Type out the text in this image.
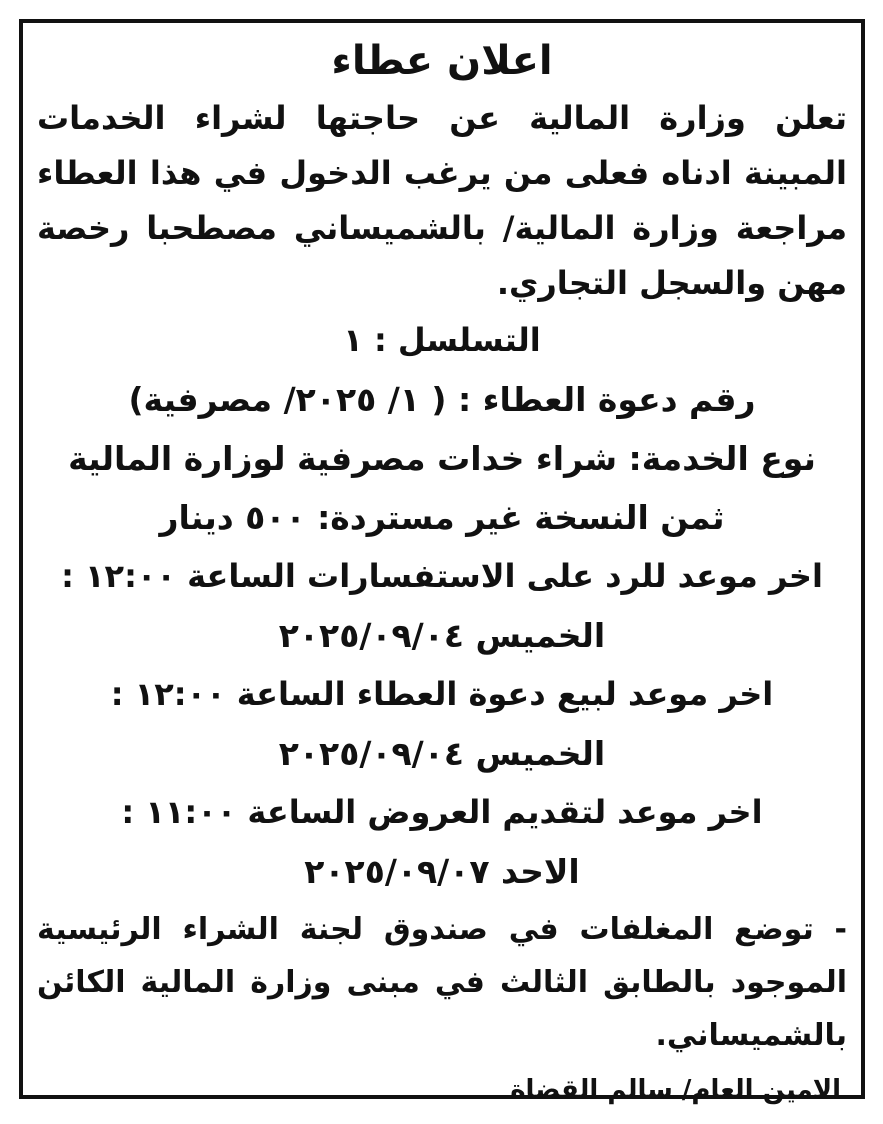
اعلان عطاء

تعلن وزارة المالية عن حاجتها لشراء الخدمات المبينة ادناه فعلى من يرغب الدخول في هذا العطاء مراجعة وزارة المالية/ بالشميساني مصطحبا رخصة مهن والسجل التجاري.

التسلسل : ١

رقم دعوة العطاء : ( ١/ ٢٠٢٥/ مصرفية)

نوع الخدمة: شراء خدات مصرفية لوزارة المالية

ثمن النسخة غير مستردة: ٥٠٠ دينار

اخر موعد للرد على الاستفسارات الساعة ١٢:٠٠ :

الخميس ٢٠٢٥/٠٩/٠٤

اخر موعد لبيع دعوة العطاء الساعة ١٢:٠٠ :

الخميس ٢٠٢٥/٠٩/٠٤

اخر موعد لتقديم العروض الساعة ١١:٠٠ :

الاحد ٢٠٢٥/٠٩/٠٧

- توضع المغلفات في صندوق لجنة الشراء الرئيسية الموجود بالطابق الثالث في مبنى وزارة المالية الكائن بالشميساني.

الامين العام/ سالم القضاة
